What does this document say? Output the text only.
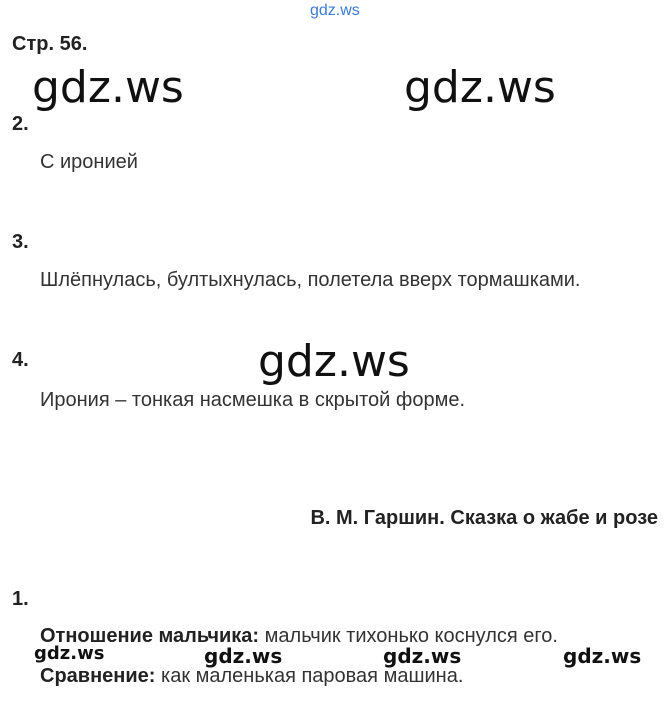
gdz.ws
Стр. 56.
gdz.ws	gdz.ws
2.
С иронией
3.
Шлёпнулась, бултыхнулась, полетела вверх тормашками.
gdz.ws
4.
Ирония – тонкая насмешка в скрытой форме.
В. М. Гаршин. Сказка о жабе и розе
1.
Отношение мальчика: мальчик тихонько коснулся его.
gdz.ws	gdz.ws	gdz.ws	gdz.ws
Сравнение: как маленькая паровая машина.
